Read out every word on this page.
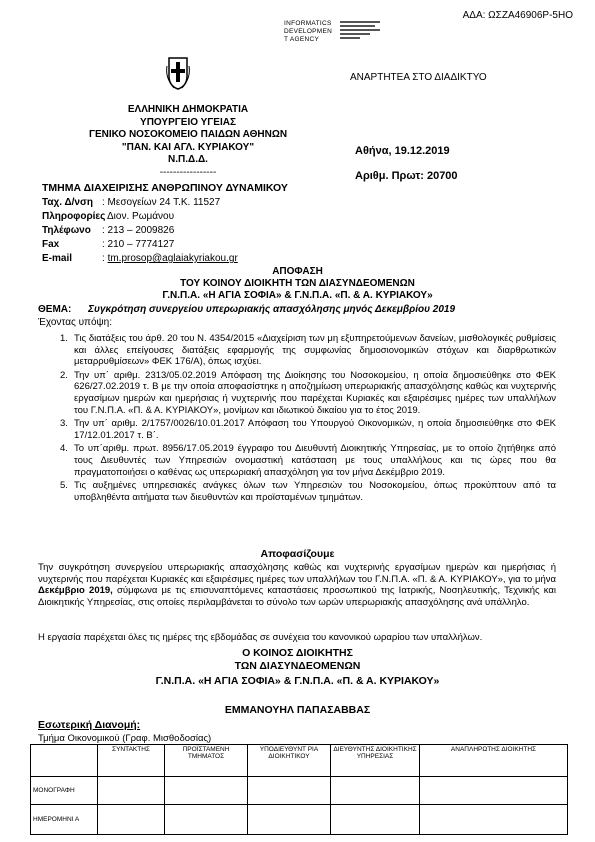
ΑΔΑ: ΩΣΖΑ46906Ρ-5ΗΟ
INFORMATICS
DEVELOPMEN
T AGENCY
ΑΝΑΡΤΗΤΕΑ ΣΤΟ ΔΙΑΔΙΚΤΥΟ
ΕΛΛΗΝΙΚΗ ΔΗΜΟΚΡΑΤΙΑ
ΥΠΟΥΡΓΕΙΟ ΥΓΕΙΑΣ
ΓΕΝΙΚΟ ΝΟΣΟΚΟΜΕΙΟ ΠΑΙΔΩΝ ΑΘΗΝΩΝ
"ΠΑΝ. ΚΑΙ ΑΓΛ. ΚΥΡΙΑΚΟΥ"
Ν.Π.Δ.Δ.
-----------------
Αθήνα, 19.12.2019
Αριθμ. Πρωτ: 20700
ΤΜΗΜΑ ΔΙΑΧΕΙΡΙΣΗΣ ΑΝΘΡΩΠΙΝΟΥ ΔΥΝΑΜΙΚΟΥ
Ταχ. Δ/νση : Μεσογείων 24 Τ.Κ. 11527
Πληροφορίες: Διον. Ρωμάνου
Τηλέφωνο : 213 – 2009826
Fax	: 210 – 7774127
E-mail	: tm.prosop@aglaiakyriakou.gr
ΑΠΟΦΑΣΗ
ΤΟΥ ΚΟΙΝΟΥ ΔΙΟΙΚΗΤΗ ΤΩΝ ΔΙΑΣΥΝΔΕΟΜΕΝΩΝ
Γ.Ν.Π.Α. «Η ΑΓΙΑ ΣΟΦΙΑ» & Γ.Ν.Π.Α. «Π. & Α. ΚΥΡΙΑΚΟΥ»
ΘΕΜΑ: Συγκρότηση συνεργείου υπερωριακής απασχόλησης μηνός Δεκεμβρίου 2019
Έχοντας υπόψη:
1. Τις διατάξεις του άρθ. 20 του Ν. 4354/2015 «Διαχείριση των μη εξυπηρετούμενων δανείων, μισθολογικές ρυθμίσεις και άλλες επείγουσες διατάξεις εφαρμογής της συμφωνίας δημοσιονομικών στόχων και διαρθρωτικών μεταρρυθμίσεων» ΦΕΚ 176/Α), όπως ισχύει.
2. Την υπ΄ αριθμ. 2313/05.02.2019 Απόφαση της Διοίκησης του Νοσοκομείου, η οποία δημοσιεύθηκε στο ΦΕΚ 626/27.02.2019 τ. Β με την οποία αποφασίστηκε η αποζημίωση υπερωριακής απασχόλησης καθώς και νυχτερινής εργασίμων ημερών και ημερήσιας ή νυχτερινής που παρέχεται Κυριακές και εξαιρέσιμες ημέρες των υπαλλήλων του Γ.Ν.Π.Α. «Π. & Α. ΚΥΡΙΑΚΟΥ», μονίμων και ιδιωτικού δικαίου για το έτος 2019.
3. Την υπ΄ αριθμ. 2/1757/0026/10.01.2017 Απόφαση του Υπουργού Οικονομικών, η οποία δημοσιεύθηκε στο ΦΕΚ 17/12.01.2017 τ. Β΄.
4. Το υπ΄αριθμ. πρωτ. 8956/17.05.2019 έγγραφο του Διευθυντή Διοικητικής Υπηρεσίας, με το οποίο ζητήθηκε από τους Διευθυντές των Υπηρεσιών ονομαστική κατάσταση με τους υπαλλήλους και τις ώρες που θα πραγματοποιήσει ο καθένας ως υπερωριακή απασχόληση για τον μήνα Δεκέμβριο 2019.
5. Τις αυξημένες υπηρεσιακές ανάγκες όλων των Υπηρεσιών του Νοσοκομείου, όπως προκύπτουν από τα υποβληθέντα αιτήματα των διευθυντών και προϊσταμένων τμημάτων.
Αποφασίζουμε
Την συγκρότηση συνεργείου υπερωριακής απασχόλησης καθώς και νυχτερινής εργασίμων ημερών και ημερήσιας ή νυχτερινής που παρέχεται Κυριακές και εξαιρέσιμες ημέρες των υπαλλήλων του Γ.Ν.Π.Α. «Π. & Α. ΚΥΡΙΑΚΟΥ», για το μήνα Δεκέμβριο 2019, σύμφωνα με τις επισυναπτόμενες καταστάσεις προσωπικού της Ιατρικής, Νοσηλευτικής, Τεχνικής και Διοικητικής Υπηρεσίας, στις οποίες περιλαμβάνεται το σύνολο των ωρών υπερωριακής απασχόλησης ανά υπάλληλο.
Η εργασία παρέχεται όλες τις ημέρες της εβδομάδας σε συνέχεια του κανονικού ωραρίου των υπαλλήλων.
Ο ΚΟΙΝΟΣ ΔΙΟΙΚΗΤΗΣ
ΤΩΝ ΔΙΑΣΥΝΔΕΟΜΕΝΩΝ
Γ.Ν.Π.Α. «Η ΑΓΙΑ ΣΟΦΙΑ» & Γ.Ν.Π.Α. «Π. & Α. ΚΥΡΙΑΚΟΥ»
ΕΜΜΑΝΟΥΗΛ ΠΑΠΑΣΑΒΒΑΣ
Εσωτερική Διανομή:
Τμήμα Οικονομικού (Γραφ. Μισθοδοσίας)
	ΣΥΝΤΑΚΤΗΣ	ΠΡΟΪΣΤΑΜΕΝΗ ΤΜΗΜΑΤΟΣ	ΥΠΟΔΙΕΥΘΥΝΤ ΡΙΑ ΔΙΟΙΚΗΤΙΚΟΥ	ΔΙΕΥΘΥΝΤΗΣ ΔΙΟΙΚΗΤΙΚΗΣ ΥΠΗΡΕΣΙΑΣ	ΑΝΑΠΛΗΡΩΤΗΣ ΔΙΟΙΚΗΤΗΣ
ΜΟΝΟΓΡΑΦΗ					
ΗΜΕΡΟΜΗΝΙ Α					
